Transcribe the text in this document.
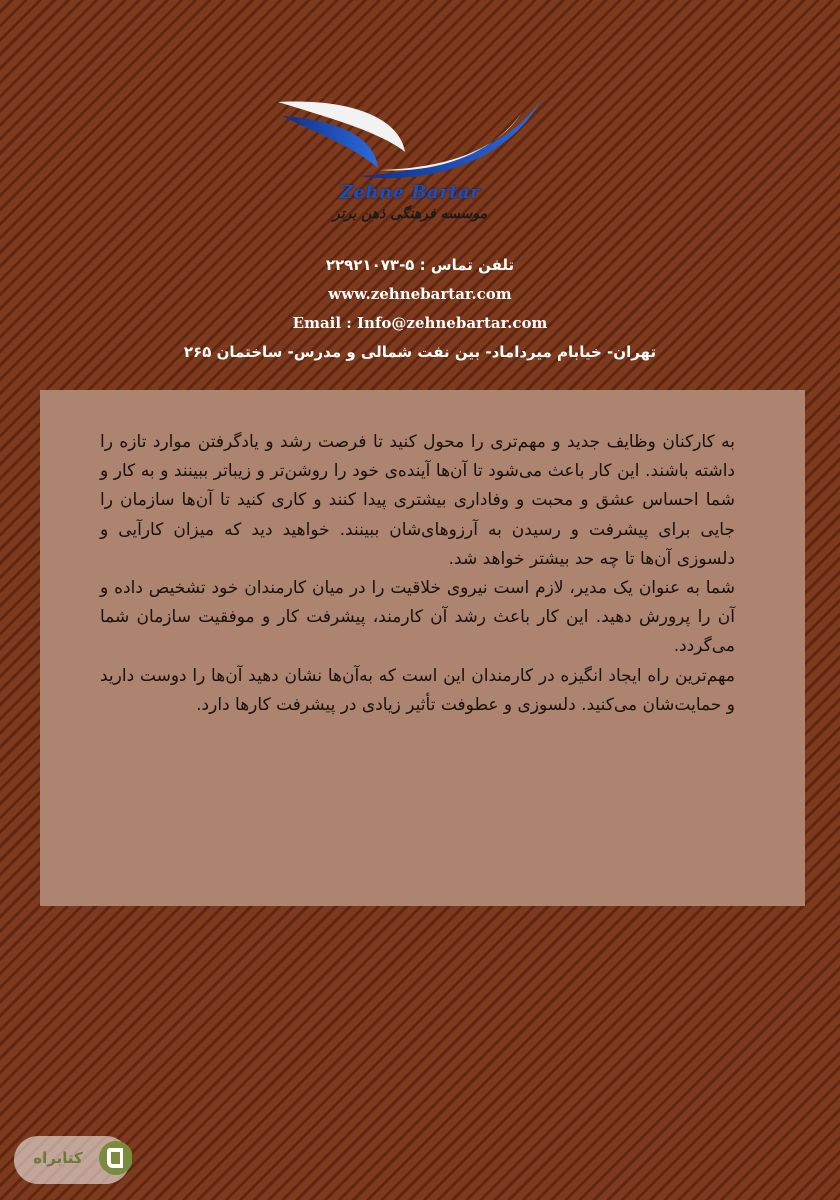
Zehne Bartar
موسسه فرهنگی ذهن برتر
تلفن تماس : ۵-۲۲۹۲۱۰۷۳
www.zehnebartar.com
Email : Info@zehnebartar.com
تهران- خیابام میرداماد- بین نفت شمالی و مدرس- ساختمان ۲۶۵

به کارکنان وظایف جدید و مهم‌تری را محول کنید تا فرصت رشد و یادگرفتن موارد تازه را داشته باشند. این کار باعث می‌شود تا آن‌ها آینده‌ی خود را روشن‌تر و زیباتر ببینند و به کار و شما احساس عشق و محبت و وفاداری بیشتری پیدا کنند و کاری کنید تا آن‌ها سازمان را جایی برای پیشرفت و رسیدن به آرزوهای‌شان ببینند. خواهید دید که میزان کارآیی و دلسوزی آن‌ها تا چه حد بیشتر خواهد شد.

شما به عنوان یک مدیر، لازم است نیروی خلاقیت را در میان کارمندان خود تشخیص داده و آن را پرورش دهید. این کار باعث رشد آن کارمند، پیشرفت کار و موفقیت سازمان شما می‌گردد.

مهم‌ترین راه ایجاد انگیزه در کارمندان این است که به‌آن‌ها نشان دهید آن‌ها را دوست دارید و حمایت‌شان می‌کنید. دلسوزی و عطوفت تأثیر زیادی در پیشرفت کارها دارد.

کتابراه
